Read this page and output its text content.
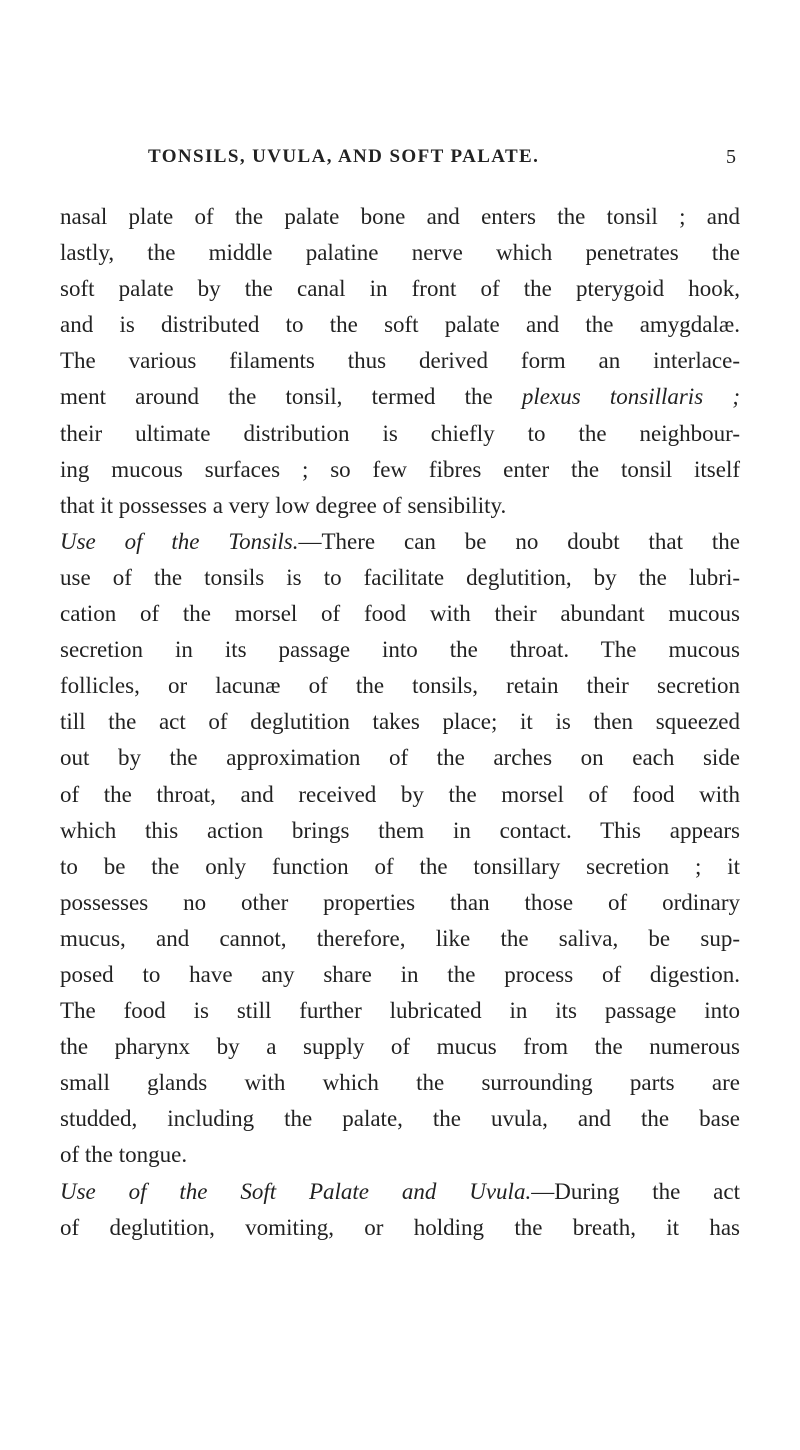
TONSILS, UVULA, AND SOFT PALATE.	5
nasal plate of the palate bone and enters the tonsil ; and
lastly, the middle palatine nerve which penetrates the
soft palate by the canal in front of the pterygoid hook,
and is distributed to the soft palate and the amygdalæ.
The various filaments thus derived form an interlace-
ment around the tonsil, termed the plexus tonsillaris ;
their ultimate distribution is chiefly to the neighbour-
ing mucous surfaces ; so few fibres enter the tonsil itself
that it possesses a very low degree of sensibility.
Use of the Tonsils.—There can be no doubt that the
use of the tonsils is to facilitate deglutition, by the lubri-
cation of the morsel of food with their abundant mucous
secretion in its passage into the throat. The mucous
follicles, or lacunæ of the tonsils, retain their secretion
till the act of deglutition takes place; it is then squeezed
out by the approximation of the arches on each side
of the throat, and received by the morsel of food with
which this action brings them in contact. This appears
to be the only function of the tonsillary secretion ; it
possesses no other properties than those of ordinary
mucus, and cannot, therefore, like the saliva, be sup-
posed to have any share in the process of digestion.
The food is still further lubricated in its passage into
the pharynx by a supply of mucus from the numerous
small glands with which the surrounding parts are
studded, including the palate, the uvula, and the base
of the tongue.
Use of the Soft Palate and Uvula.—During the act
of deglutition, vomiting, or holding the breath, it has
